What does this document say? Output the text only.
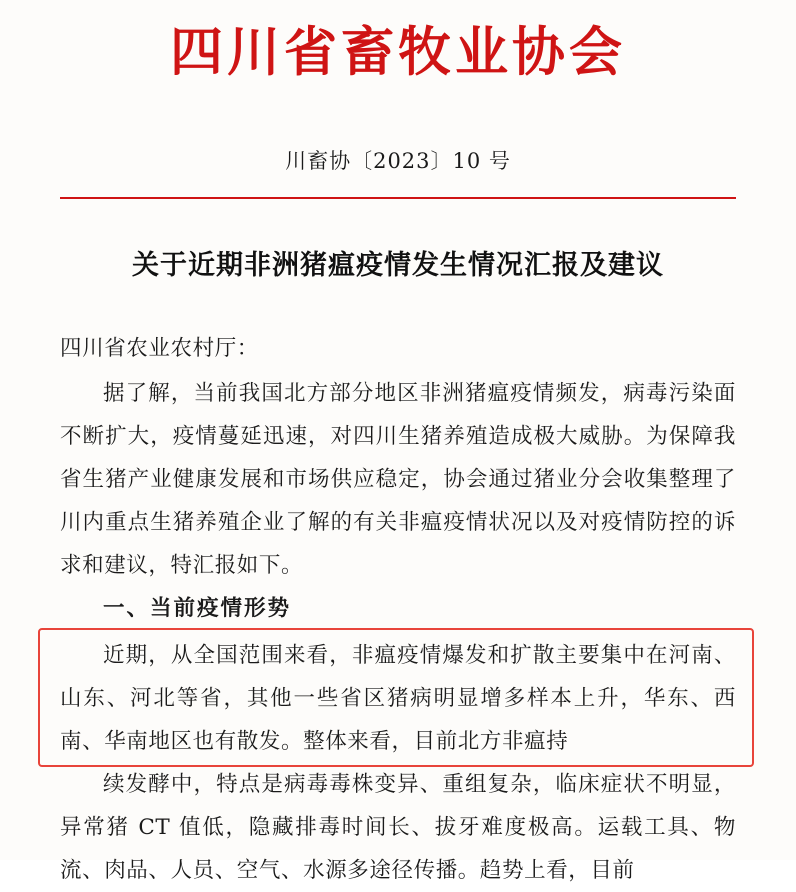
四川省畜牧业协会
川畜协〔2023〕10 号
关于近期非洲猪瘟疫情发生情况汇报及建议

四川省农业农村厅：

据了解，当前我国北方部分地区非洲猪瘟疫情频发，病毒污染面不断扩大，疫情蔓延迅速，对四川生猪养殖造成极大威胁。为保障我省生猪产业健康发展和市场供应稳定，协会通过猪业分会收集整理了川内重点生猪养殖企业了解的有关非瘟疫情状况以及对疫情防控的诉求和建议，特汇报如下。

一、当前疫情形势

近期，从全国范围来看，非瘟疫情爆发和扩散主要集中在河南、山东、河北等省，其他一些省区猪病明显增多样本上升，华东、西南、华南地区也有散发。整体来看，目前北方非瘟持

续发酵中，特点是病毒毒株变异、重组复杂，临床症状不明显，异常猪 CT 值低，隐藏排毒时间长、拔牙难度极高。运载工具、物流、肉品、人员、空气、水源多途径传播。趋势上看，目前
